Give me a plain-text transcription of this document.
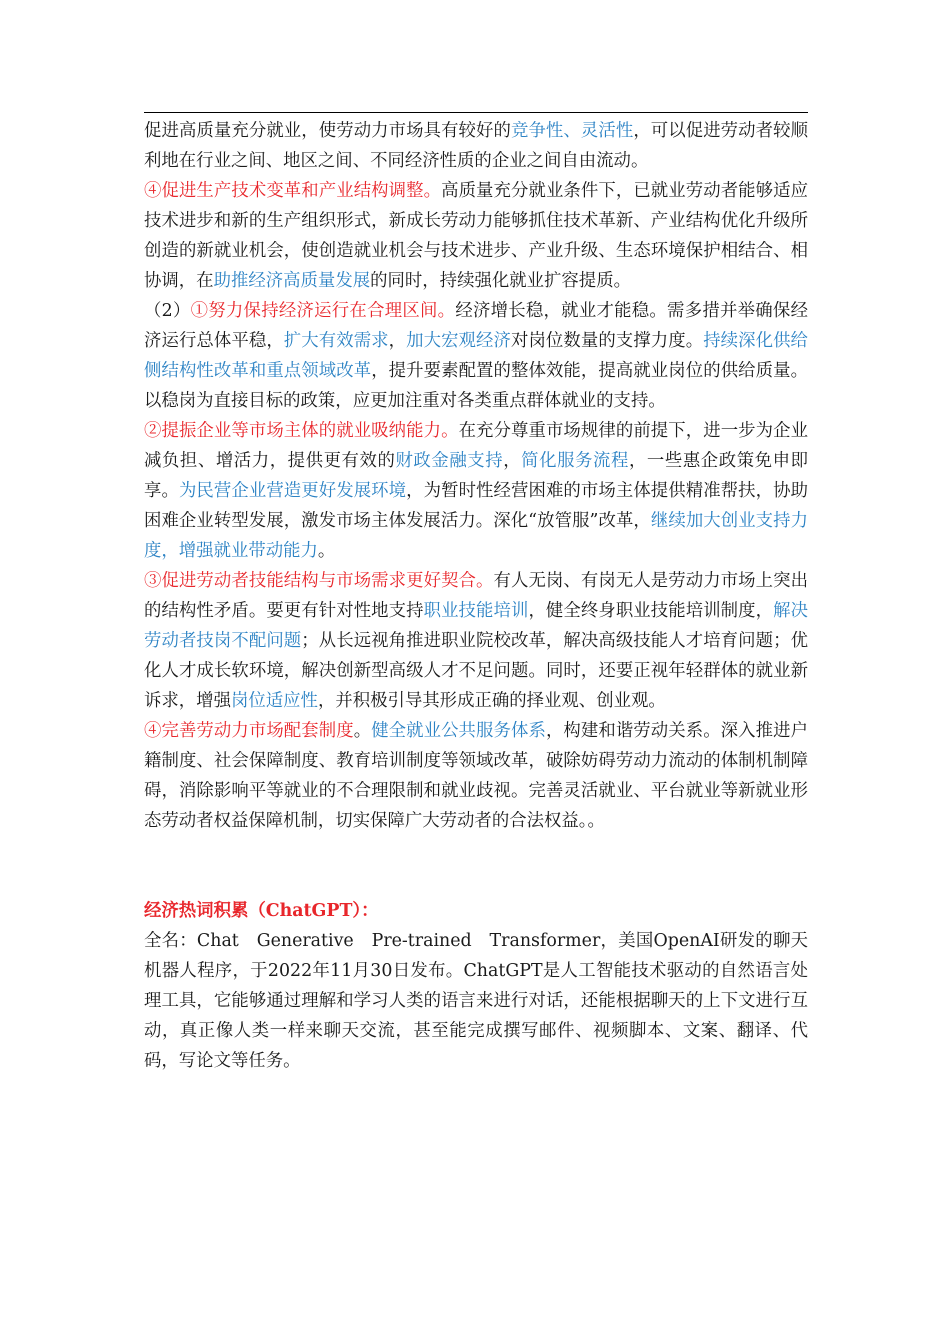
促进高质量充分就业，使劳动力市场具有较好的竞争性、灵活性，可以促进劳动者较顺利地在行业之间、地区之间、不同经济性质的企业之间自由流动。

④促进生产技术变革和产业结构调整。高质量充分就业条件下，已就业劳动者能够适应技术进步和新的生产组织形式，新成长劳动力能够抓住技术革新、产业结构优化升级所创造的新就业机会，使创造就业机会与技术进步、产业升级、生态环境保护相结合、相协调，在助推经济高质量发展的同时，持续强化就业扩容提质。

（2）①努力保持经济运行在合理区间。经济增长稳，就业才能稳。需多措并举确保经济运行总体平稳，扩大有效需求，加大宏观经济对岗位数量的支撑力度。持续深化供给侧结构性改革和重点领域改革，提升要素配置的整体效能，提高就业岗位的供给质量。以稳岗为直接目标的政策，应更加注重对各类重点群体就业的支持。

②提振企业等市场主体的就业吸纳能力。在充分尊重市场规律的前提下，进一步为企业减负担、增活力，提供更有效的财政金融支持，简化服务流程，一些惠企政策免申即享。为民营企业营造更好发展环境，为暂时性经营困难的市场主体提供精准帮扶，协助困难企业转型发展，激发市场主体发展活力。深化“放管服”改革，继续加大创业支持力度，增强就业带动能力。

③促进劳动者技能结构与市场需求更好契合。有人无岗、有岗无人是劳动力市场上突出的结构性矛盾。要更有针对性地支持职业技能培训，健全终身职业技能培训制度，解决劳动者技岗不配问题；从长远视角推进职业院校改革，解决高级技能人才培育问题；优化人才成长软环境，解决创新型高级人才不足问题。同时，还要正视年轻群体的就业新诉求，增强岗位适应性，并积极引导其形成正确的择业观、创业观。

④完善劳动力市场配套制度。健全就业公共服务体系，构建和谐劳动关系。深入推进户籍制度、社会保障制度、教育培训制度等领域改革，破除妨碍劳动力流动的体制机制障碍，消除影响平等就业的不合理限制和就业歧视。完善灵活就业、平台就业等新就业形态劳动者权益保障机制，切实保障广大劳动者的合法权益。。

经济热词积累（ChatGPT）：

全名：Chat　Generative　Pre-trained　Transformer，美国OpenAI研发的聊天机器人程序，于2022年11月30日发布。ChatGPT是人工智能技术驱动的自然语言处理工具，它能够通过理解和学习人类的语言来进行对话，还能根据聊天的上下文进行互动，真正像人类一样来聊天交流，甚至能完成撰写邮件、视频脚本、文案、翻译、代码，写论文等任务。
